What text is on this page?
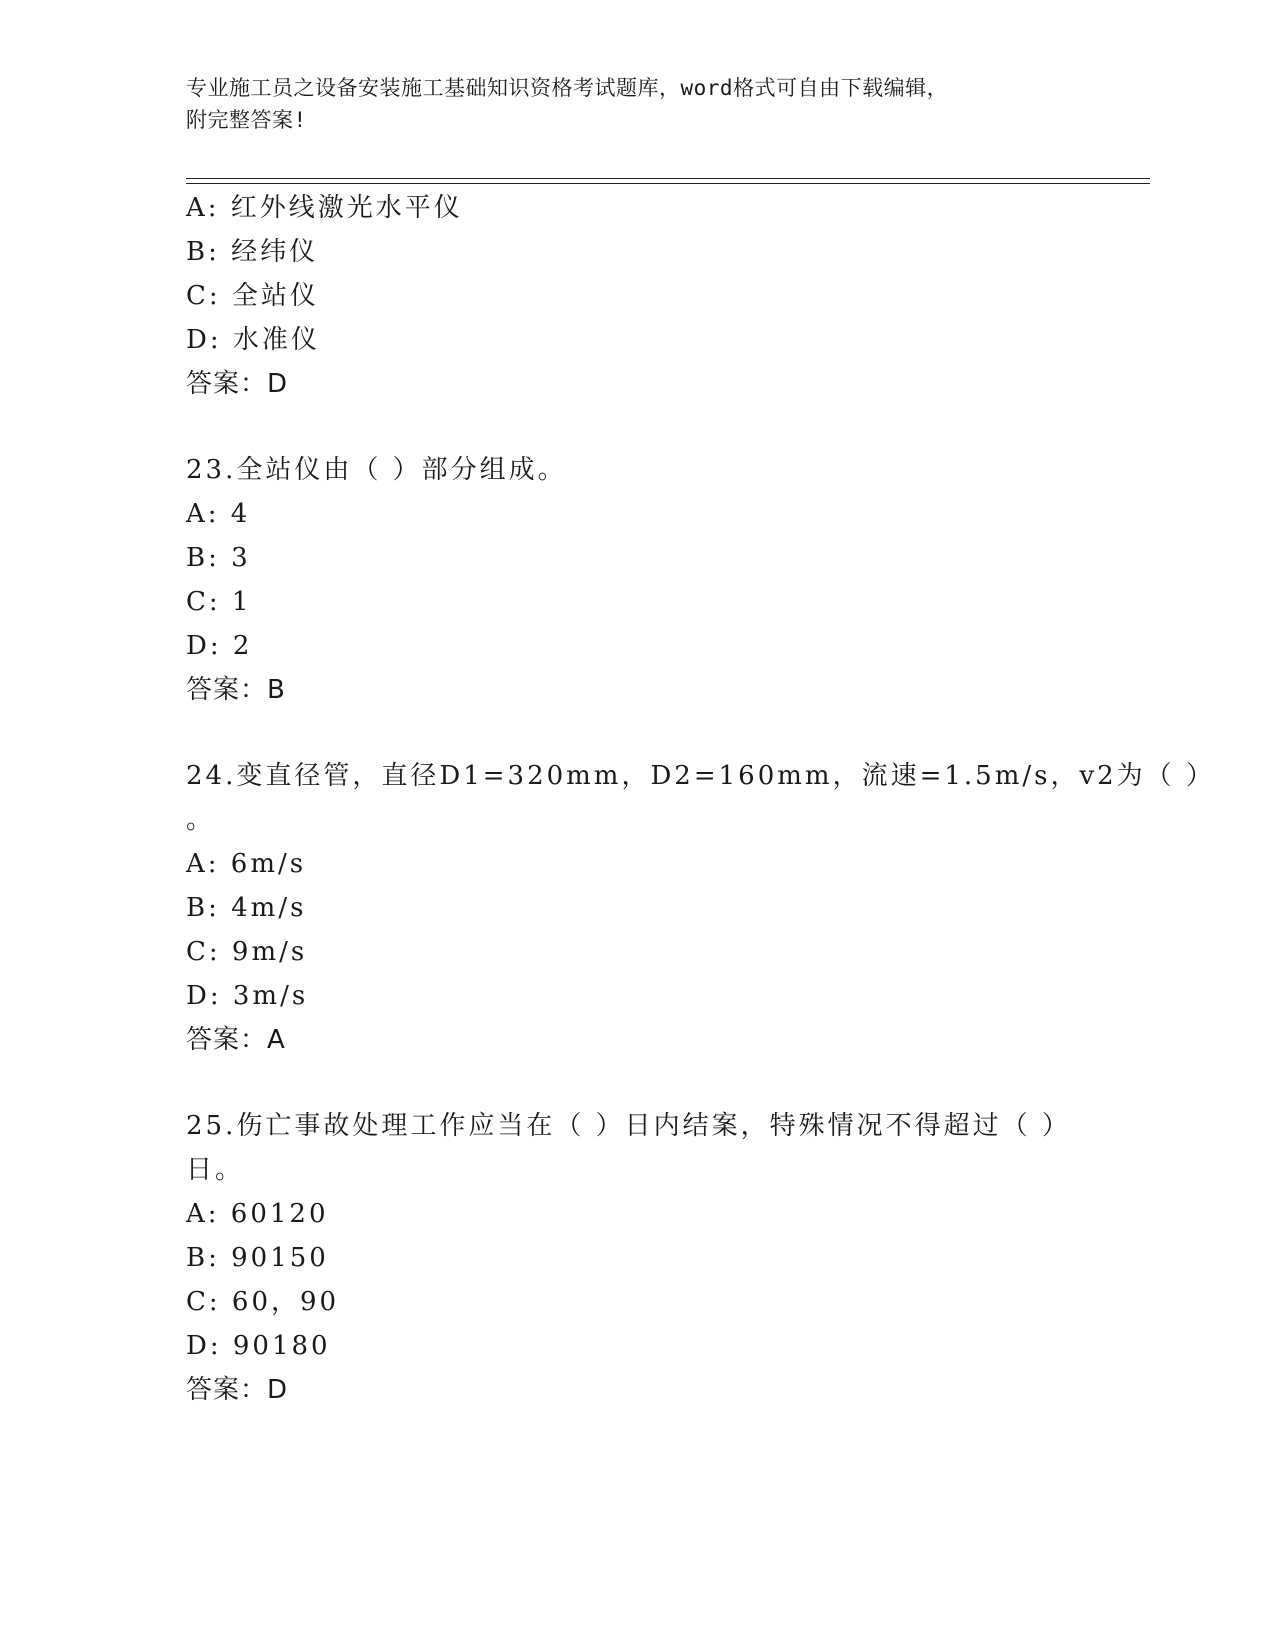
专业施工员之设备安装施工基础知识资格考试题库，word格式可自由下载编辑，
附完整答案!
A: 红外线激光水平仪
B: 经纬仪
C: 全站仪
D: 水准仪
答案：D
23.全站仪由（ ）部分组成。
A: 4
B: 3
C: 1
D: 2
答案：B
24.变直径管，直径D1=320mm，D2=160mm，流速=1.5m/s，v2为（ ）
。
A: 6m/s
B: 4m/s
C: 9m/s
D: 3m/s
答案：A
25.伤亡事故处理工作应当在（ ）日内结案，特殊情况不得超过（ ）
日。
A: 60120
B: 90150
C: 60，90
D: 90180
答案：D
